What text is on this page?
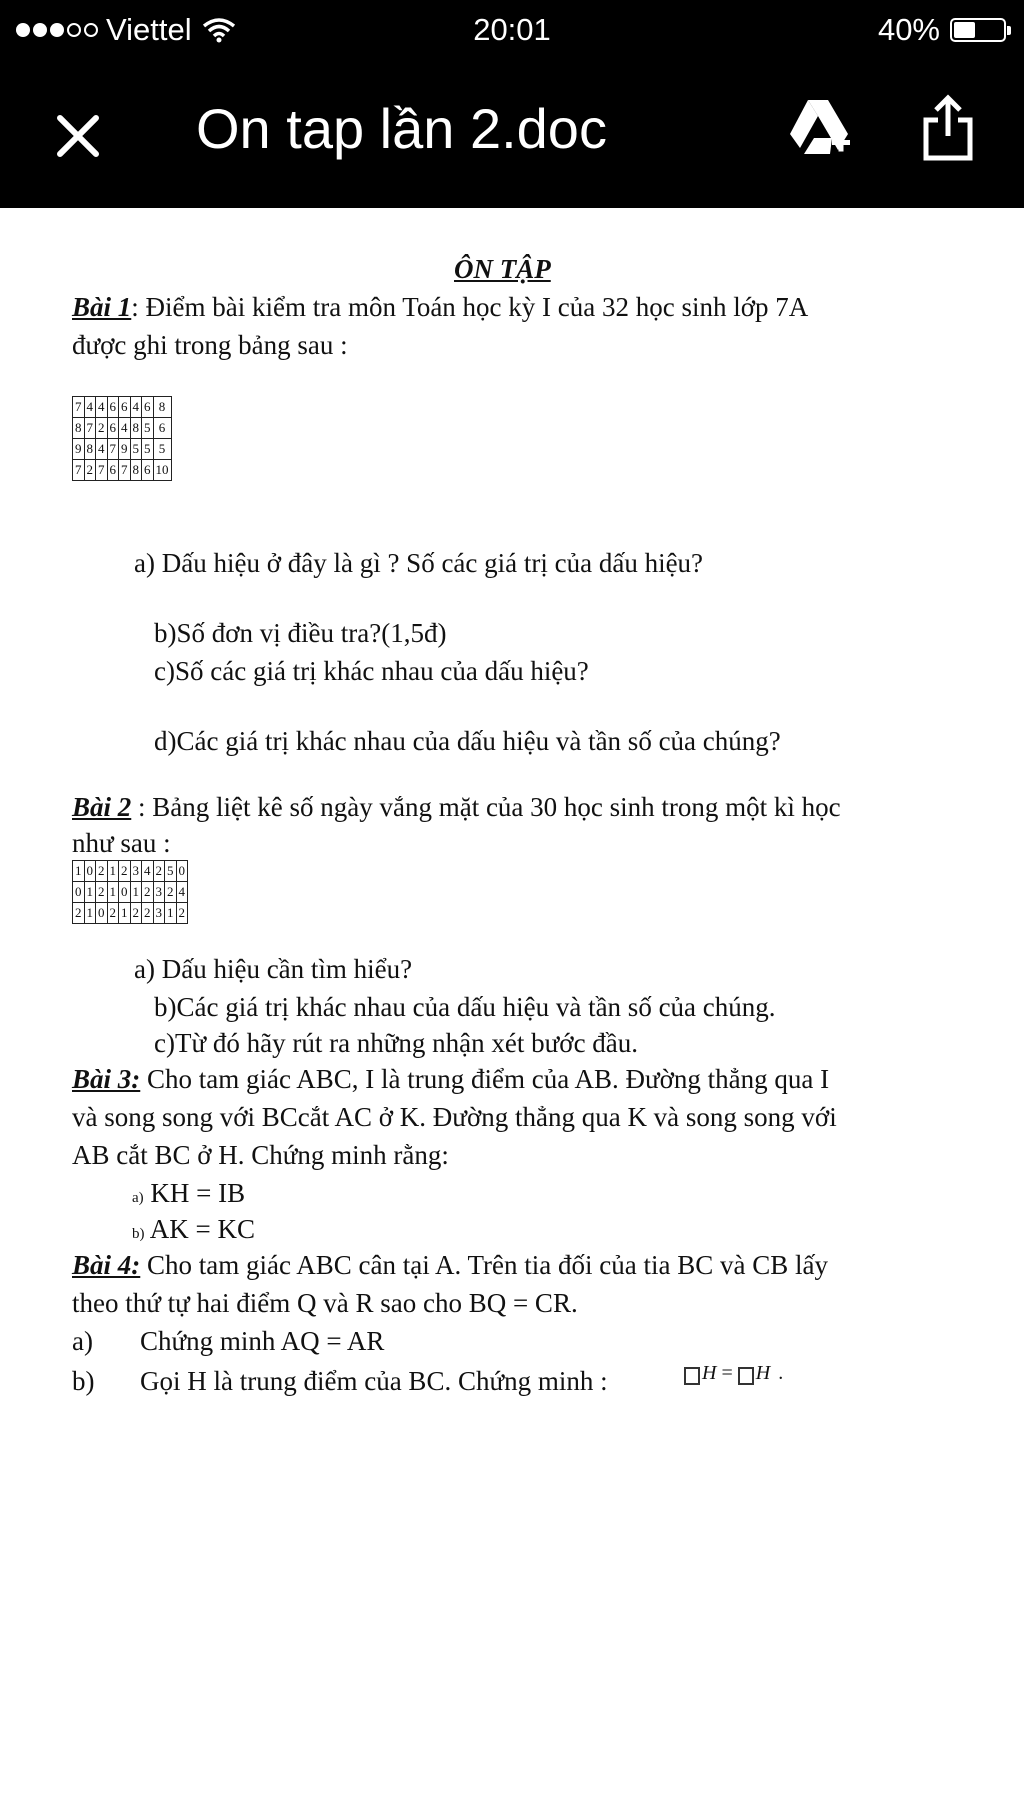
Viettel	20:01	40%
On tap lần 2.doc
ÔN TẬP
Bài 1: Điểm bài kiểm tra môn Toán học kỳ I của 32 học sinh lớp 7A
được ghi trong bảng sau :
7	4	4	6	6	4	6	8
8	7	2	6	4	8	5	6
9	8	4	7	9	5	5	5
7	2	7	6	7	8	6	10
a) Dấu hiệu ở đây là gì ? Số các giá trị của dấu hiệu?
b)Số đơn vị điều tra?(1,5đ)
c)Số các giá trị khác nhau của dấu hiệu?
d)Các giá trị khác nhau của dấu hiệu và tần số của chúng?
Bài 2 : Bảng liệt kê số ngày vắng mặt của 30 học sinh trong một kì học
như sau :
1	0	2	1	2	3	4	2	5	0
0	1	2	1	0	1	2	3	2	4
2	1	0	2	1	2	2	3	1	2
a) Dấu hiệu cần tìm hiểu?
b)Các giá trị khác nhau của dấu hiệu và tần số của chúng.
c)Từ đó hãy rút ra những nhận xét bước đầu.
Bài 3: Cho tam giác ABC, I là trung điểm của AB. Đường thẳng qua I
và song song với BCcắt AC ở K. Đường thẳng qua K và song song với
AB cắt BC ở H. Chứng minh rằng:
a) KH = IB
b) AK = KC
Bài 4: Cho tam giác ABC cân tại A. Trên tia đối của tia BC và CB lấy
theo thứ tự hai điểm Q và R sao cho BQ = CR.
a) Chứng minh AQ = AR
b) Gọi H là trung điểm của BC. Chứng minh :	H = H .
